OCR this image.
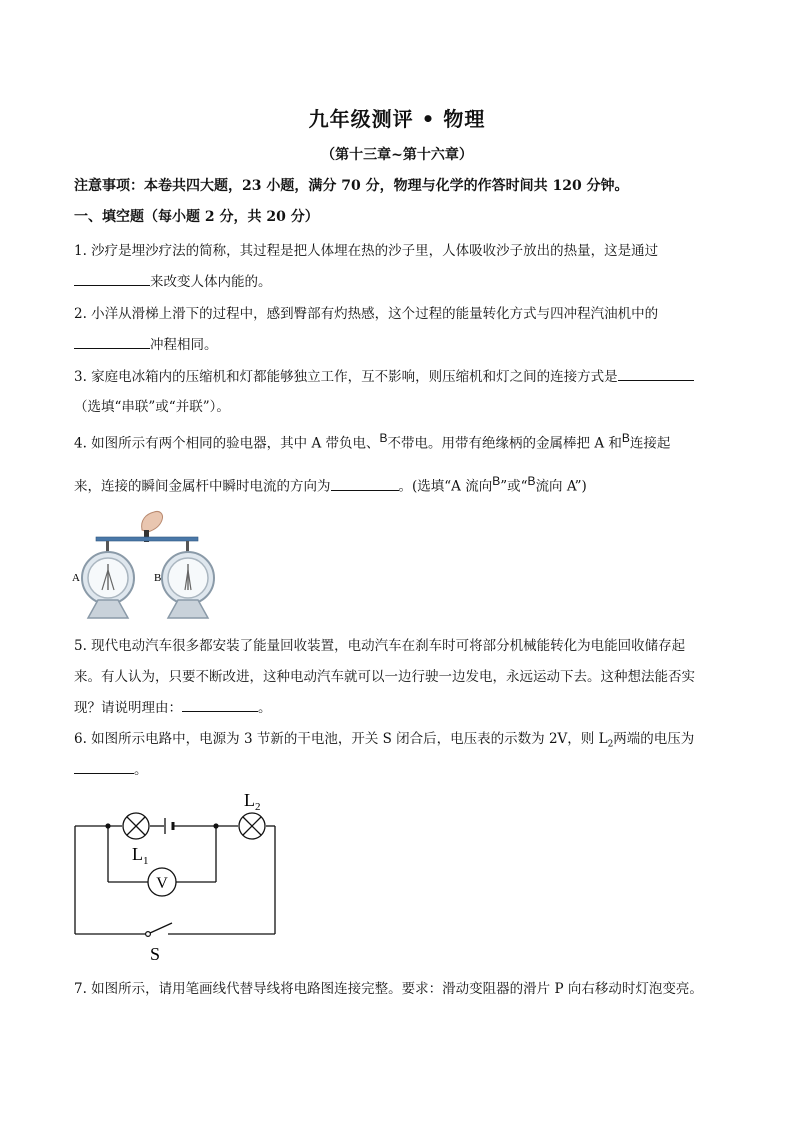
九年级测评 • 物理
（第十三章~第十六章）
注意事项：本卷共四大题，23 小题，满分 70 分，物理与化学的作答时间共 120 分钟。
一、填空题（每小题 2 分，共 20 分）
1. 沙疗是埋沙疗法的简称，其过程是把人体埋在热的沙子里，人体吸收沙子放出的热量，这是通过
来改变人体内能的。
2. 小洋从滑梯上滑下的过程中，感到臀部有灼热感，这个过程的能量转化方式与四冲程汽油机中的
冲程相同。
3. 家庭电冰箱内的压缩机和灯都能够独立工作，互不影响，则压缩机和灯之间的连接方式是
（选填“串联”或“并联”）。
4. 如图所示有两个相同的验电器，其中 A 带负电、B不带电。用带有绝缘柄的金属棒把 A 和B连接起
来，连接的瞬间金属杆中瞬时电流的方向为	。(选填“A 流向B”或“B流向 A”)
A	B
5. 现代电动汽车很多都安装了能量回收装置，电动汽车在刹车时可将部分机械能转化为电能回收储存起
来。有人认为，只要不断改进，这种电动汽车就可以一边行驶一边发电，永远运动下去。这种想法能否实
现？请说明理由：	。
6. 如图所示电路中，电源为 3 节新的干电池，开关 S 闭合后，电压表的示数为 2V，则 $L_2$两端的电压为
。
V
$L_2$
$L_1$
S
7. 如图所示，请用笔画线代替导线将电路图连接完整。要求：滑动变阻器的滑片 P 向右移动时灯泡变亮。
